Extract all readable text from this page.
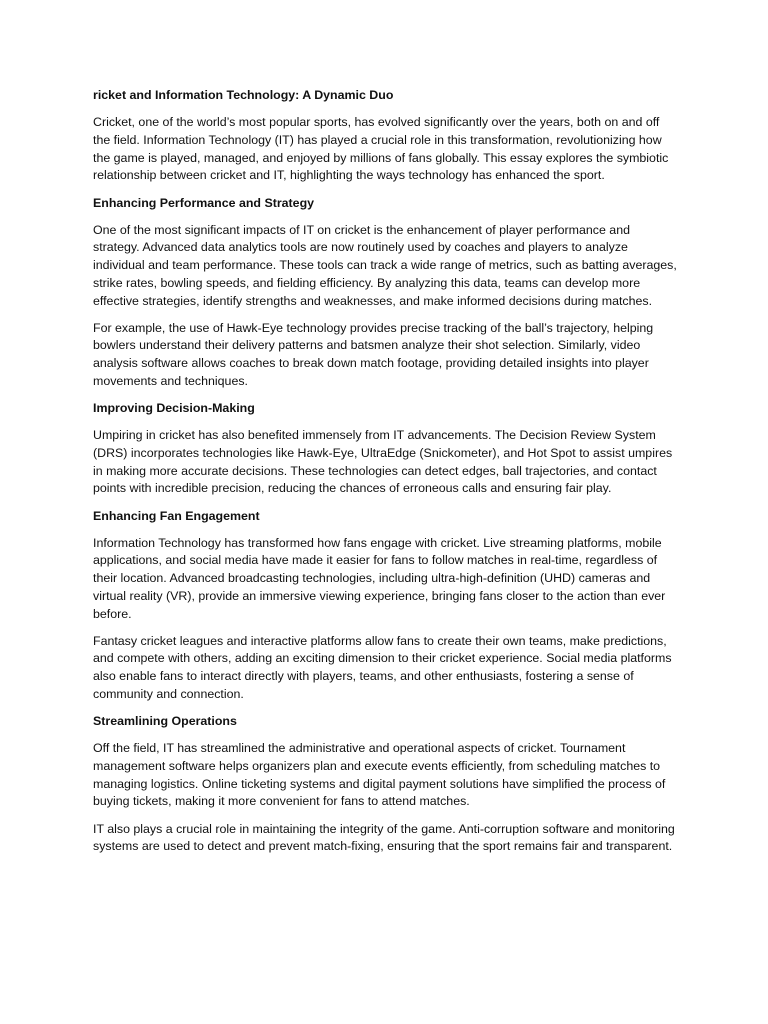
ricket and Information Technology: A Dynamic Duo

Cricket, one of the world’s most popular sports, has evolved significantly over the years, both on and off the field. Information Technology (IT) has played a crucial role in this transformation, revolutionizing how the game is played, managed, and enjoyed by millions of fans globally. This essay explores the symbiotic relationship between cricket and IT, highlighting the ways technology has enhanced the sport.

Enhancing Performance and Strategy

One of the most significant impacts of IT on cricket is the enhancement of player performance and strategy. Advanced data analytics tools are now routinely used by coaches and players to analyze individual and team performance. These tools can track a wide range of metrics, such as batting averages, strike rates, bowling speeds, and fielding efficiency. By analyzing this data, teams can develop more effective strategies, identify strengths and weaknesses, and make informed decisions during matches.

For example, the use of Hawk-Eye technology provides precise tracking of the ball’s trajectory, helping bowlers understand their delivery patterns and batsmen analyze their shot selection. Similarly, video analysis software allows coaches to break down match footage, providing detailed insights into player movements and techniques.

Improving Decision-Making

Umpiring in cricket has also benefited immensely from IT advancements. The Decision Review System (DRS) incorporates technologies like Hawk-Eye, UltraEdge (Snickometer), and Hot Spot to assist umpires in making more accurate decisions. These technologies can detect edges, ball trajectories, and contact points with incredible precision, reducing the chances of erroneous calls and ensuring fair play.

Enhancing Fan Engagement

Information Technology has transformed how fans engage with cricket. Live streaming platforms, mobile applications, and social media have made it easier for fans to follow matches in real-time, regardless of their location. Advanced broadcasting technologies, including ultra-high-definition (UHD) cameras and virtual reality (VR), provide an immersive viewing experience, bringing fans closer to the action than ever before.

Fantasy cricket leagues and interactive platforms allow fans to create their own teams, make predictions, and compete with others, adding an exciting dimension to their cricket experience. Social media platforms also enable fans to interact directly with players, teams, and other enthusiasts, fostering a sense of community and connection.

Streamlining Operations

Off the field, IT has streamlined the administrative and operational aspects of cricket. Tournament management software helps organizers plan and execute events efficiently, from scheduling matches to managing logistics. Online ticketing systems and digital payment solutions have simplified the process of buying tickets, making it more convenient for fans to attend matches.

IT also plays a crucial role in maintaining the integrity of the game. Anti-corruption software and monitoring systems are used to detect and prevent match-fixing, ensuring that the sport remains fair and transparent.
